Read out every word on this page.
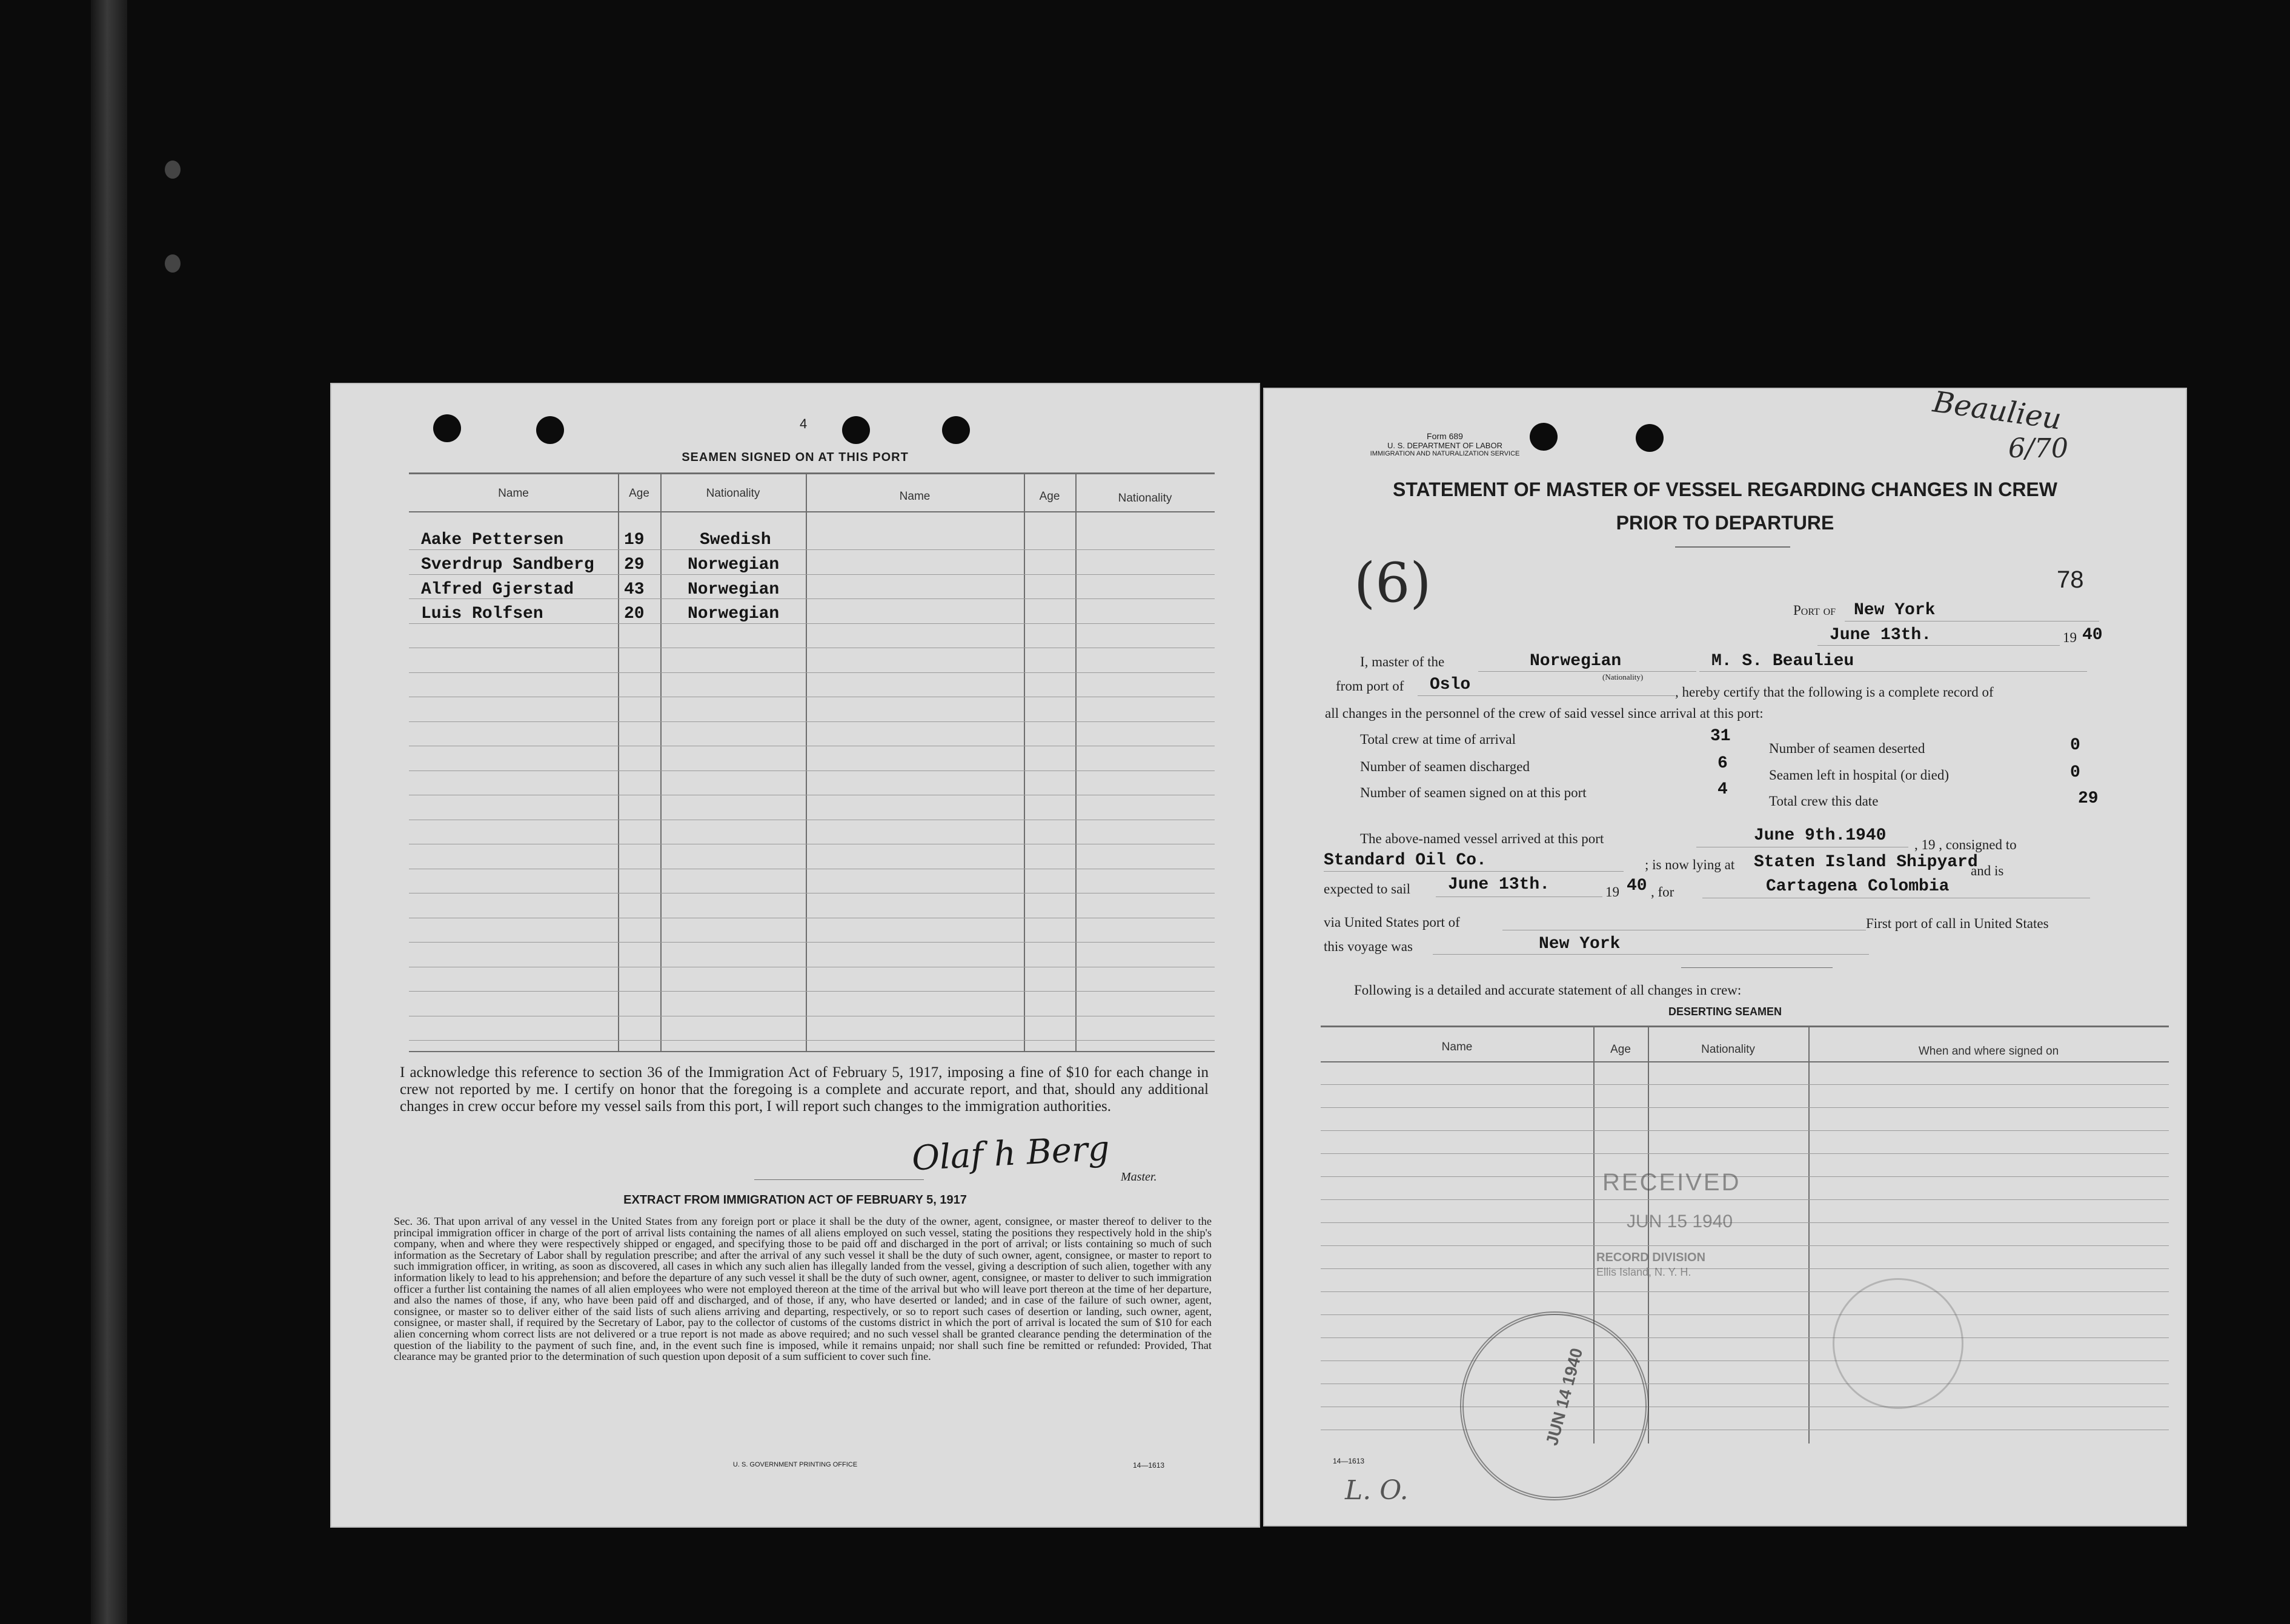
4
SEAMEN SIGNED ON AT THIS PORT
Name	Age	Nationality	Name	Age	Nationality
Aake Pettersen	19	Swedish
Sverdrup Sandberg 29	Norwegian
Alfred Gjerstad	43	Norwegian
Luis Rolfsen	20	Norwegian
I acknowledge this reference to section 36 of the Immigration Act of February 5, 1917, imposing a fine of $10 for each change in crew not reported by me. I certify on honor that the foregoing is a complete and accurate report, and that, should any additional changes in crew occur before my vessel sails from this port, I will report such changes to the immigration authorities.
Olaf h Berg Master.
EXTRACT FROM IMMIGRATION ACT OF FEBRUARY 5, 1917
Sec. 36. That upon arrival of any vessel in the United States from any foreign port or place it shall be the duty of the owner, agent, consignee, or master thereof to deliver to the principal immigration officer in charge of the port of arrival lists containing the names of all aliens employed on such vessel, stating the positions they respectively hold in the ship's company, when and where they were respectively shipped or engaged, and specifying those to be paid off and discharged in the port of arrival; or lists containing so much of such information as the Secretary of Labor shall by regulation prescribe; and after the arrival of any such vessel it shall be the duty of such owner, agent, consignee, or master to report to such immigration officer, in writing, as soon as discovered, all cases in which any such alien has illegally landed from the vessel, giving a description of such alien, together with any information likely to lead to his apprehension; and before the departure of any such vessel it shall be the duty of such owner, agent, consignee, or master to deliver to such immigration officer a further list containing the names of all alien employees who were not employed thereon at the time of the arrival but who will leave port thereon at the time of her departure, and also the names of those, if any, who have been paid off and discharged, and of those, if any, who have deserted or landed; and in case of the failure of such owner, agent, consignee, or master so to deliver either of the said lists of such aliens arriving and departing, respectively, or so to report such cases of desertion or landing, such owner, agent, consignee, or master shall, if required by the Secretary of Labor, pay to the collector of customs of the customs district in which the port of arrival is located the sum of $10 for each alien concerning whom correct lists are not delivered or a true report is not made as above required; and no such vessel shall be granted clearance pending the determination of the question of the liability to the payment of such fine, and, in the event such fine is imposed, while it remains unpaid; nor shall such fine be remitted or refunded: Provided, That clearance may be granted prior to the determination of such question upon deposit of a sum sufficient to cover such fine.
U. S. GOVERNMENT PRINTING OFFICE	14—1613
Beaulieu
6/70
Form 689
U. S. DEPARTMENT OF LABOR
IMMIGRATION AND NATURALIZATION SERVICE
STATEMENT OF MASTER OF VESSEL REGARDING CHANGES IN CREW
PRIOR TO DEPARTURE
(6)	78
Port of New York
June 13th.	19 40
I, master of the	Norwegian
(Nationality)
M. S. Beaulieu
from port of Oslo	, hereby certify that the following is a complete record of
all changes in the personnel of the crew of said vessel since arrival at this port:
Total crew at time of arrival	31
Number of seamen discharged	6
Number of seamen signed on at this port	4
Number of seamen deserted	0
Seamen left in hospital (or died)	0
Total crew this date	29
The above-named vessel arrived at this port	June 9th.1940 , 19 , consigned to
Standard Oil Co.	; is now lying at Staten Island Shipyard
and is
expected to sail June 13th.	19 40 , for	Cartagena Colombia
via United States port of	First port of call in United States
this voyage was	New York
Following is a detailed and accurate statement of all changes in crew:
DESERTING SEAMEN
Name	Age	Nationality	When and where signed on
RECEIVED
JUN 15 1940
RECORD DIVISION
Ellis Island, N. Y. H.
JUN 14 1940
14—1613
L. O.
